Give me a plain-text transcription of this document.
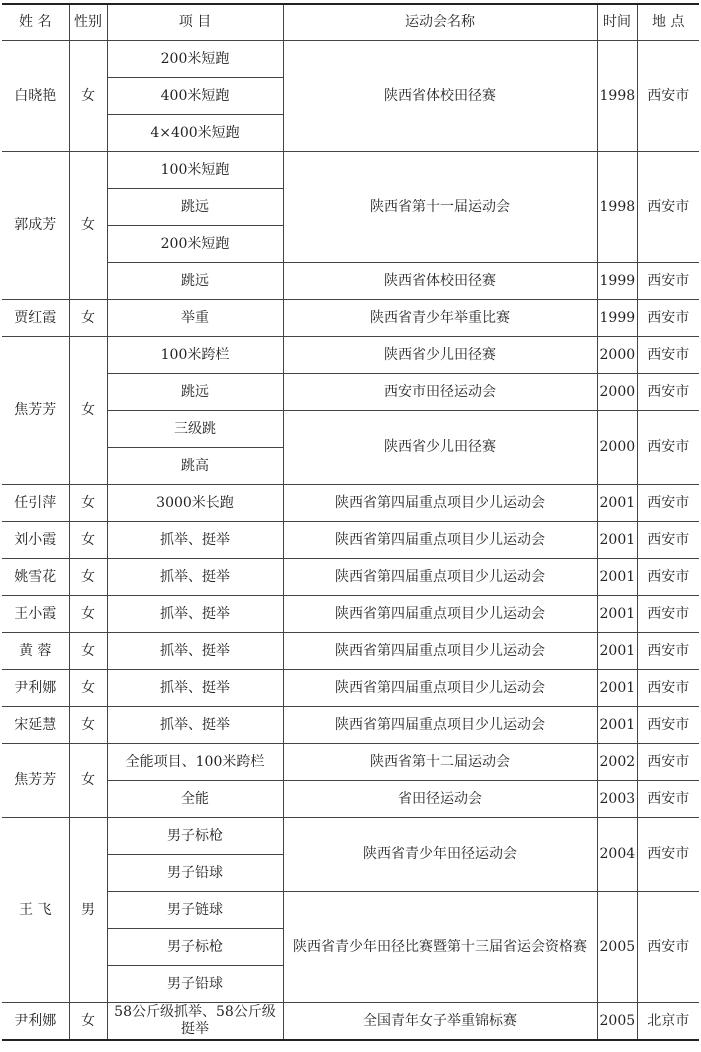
姓 名	性别	项 目	运动会名称	时间	地 点
白晓艳	女	200米短跑	陕西省体校田径赛	1998	西安市
		400米短跑			
		4×400米短跑			
郭成芳	女	100米短跑	陕西省第十一届运动会	1998	西安市
		跳远			
		200米短跑			
		跳远	陕西省体校田径赛	1999	西安市
贾红霞	女	举重	陕西省青少年举重比赛	1999	西安市
焦芳芳	女	100米跨栏	陕西省少儿田径赛	2000	西安市
		跳远	西安市田径运动会	2000	西安市
		三级跳	陕西省少儿田径赛	2000	西安市
		跳高			
任引萍	女	3000米长跑	陕西省第四届重点项目少儿运动会	2001	西安市
刘小霞	女	抓举、挺举	陕西省第四届重点项目少儿运动会	2001	西安市
姚雪花	女	抓举、挺举	陕西省第四届重点项目少儿运动会	2001	西安市
王小霞	女	抓举、挺举	陕西省第四届重点项目少儿运动会	2001	西安市
黄 蓉	女	抓举、挺举	陕西省第四届重点项目少儿运动会	2001	西安市
尹利娜	女	抓举、挺举	陕西省第四届重点项目少儿运动会	2001	西安市
宋延慧	女	抓举、挺举	陕西省第四届重点项目少儿运动会	2001	西安市
焦芳芳	女	全能项目、100米跨栏	陕西省第十二届运动会	2002	西安市
		全能	省田径运动会	2003	西安市
王 飞	男	男子标枪	陕西省青少年田径运动会	2004	西安市
		男子铅球			
		男子链球	陕西省青少年田径比赛暨第十三届省运会资格赛	2005	西安市
		男子标枪			
		男子铅球			
尹利娜	女	58公斤级抓举、58公斤级挺举	全国青年女子举重锦标赛	2005	北京市
